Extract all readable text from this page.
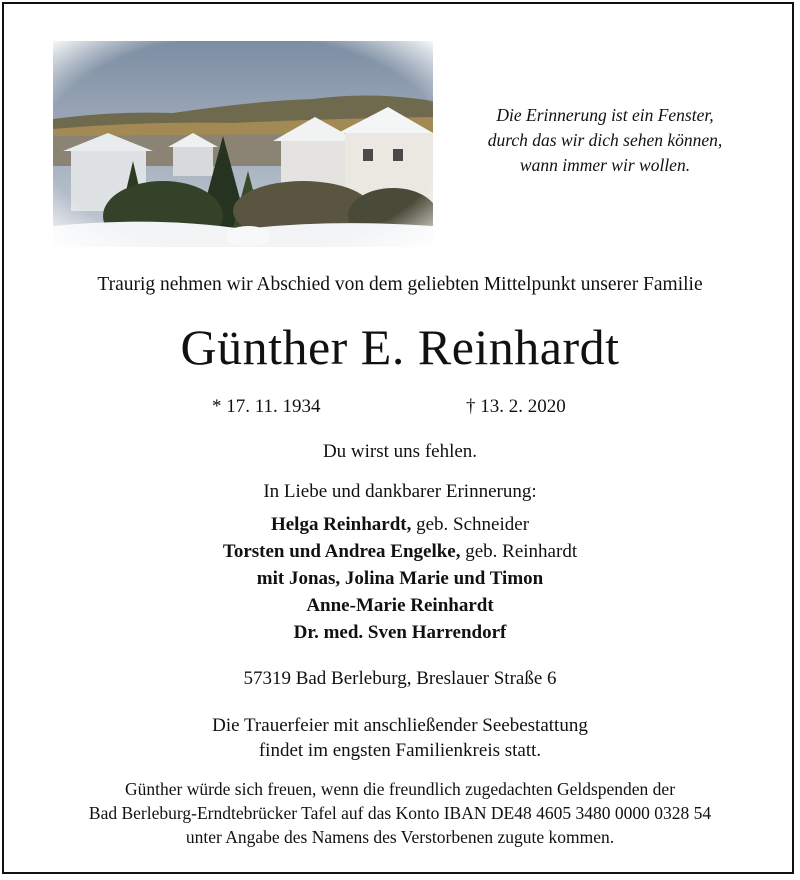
Die Erinnerung ist ein Fenster,
durch das wir dich sehen können,
wann immer wir wollen.
Traurig nehmen wir Abschied von dem geliebten Mittelpunkt unserer Familie
Günther E. Reinhardt
* 17. 11. 1934	† 13. 2. 2020
Du wirst uns fehlen.
In Liebe und dankbarer Erinnerung:
Helga Reinhardt, geb. Schneider
Torsten und Andrea Engelke, geb. Reinhardt
mit Jonas, Jolina Marie und Timon
Anne-Marie Reinhardt
Dr. med. Sven Harrendorf
57319 Bad Berleburg, Breslauer Straße 6
Die Trauerfeier mit anschließender Seebestattung
findet im engsten Familienkreis statt.
Günther würde sich freuen, wenn die freundlich zugedachten Geldspenden der
Bad Berleburg-Erndtebrücker Tafel auf das Konto IBAN DE48 4605 3480 0000 0328 54
unter Angabe des Namens des Verstorbenen zugute kommen.
